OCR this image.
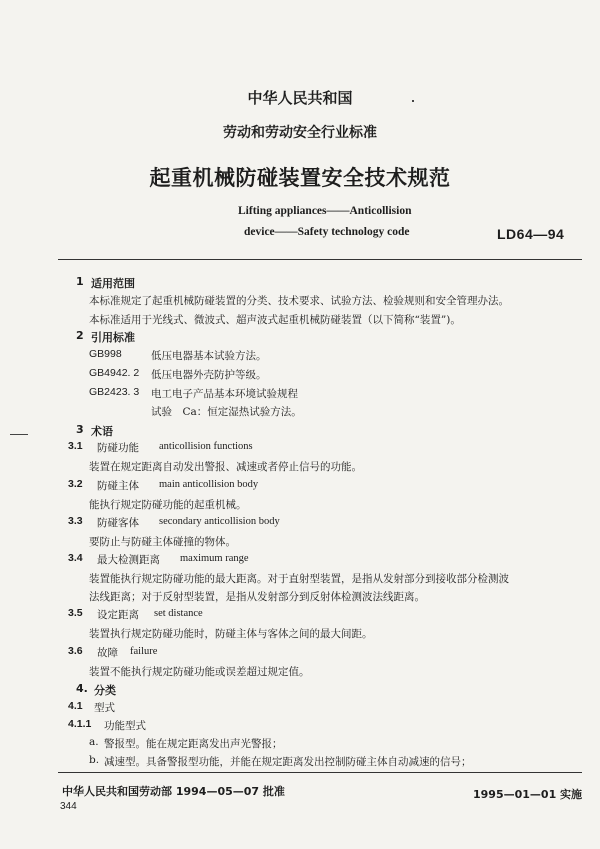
中华人民共和国
劳动和劳动安全行业标准
起重机械防碰装置安全技术规范
Lifting appliances——Anticollision
device——Safety technology code	LD64—94
1 适用范围
本标准规定了起重机械防碰装置的分类、技术要求、试验方法、检验规则和安全管理办法。
本标准适用于光线式、微波式、超声波式起重机械防碰装置（以下简称“装置”)。
2 引用标准
GB998	低压电器基本试验方法。
GB4942. 2 低压电器外壳防护等级。
GB2423. 3 电工电子产品基本环境试验规程
试验　Ca：恒定湿热试验方法。
3 术语
3.1 防碰功能 anticollision functions
装置在规定距离自动发出警报、减速或者停止信号的功能。
3.2 防碰主体 main anticollision body
能执行规定防碰功能的起重机械。
3.3 防碰客体 secondary anticollision body
要防止与防碰主体碰撞的物体。
3.4 最大检测距离 maximum range
装置能执行规定防碰功能的最大距离。对于直射型装置，是指从发射部分到接收部分检测波
法线距离；对于反射型装置，是指从发射部分到反射体检测波法线距离。
3.5 设定距离 set distance
装置执行规定防碰功能时，防碰主体与客体之间的最大间距。
3.6 故障 failure
装置不能执行规定防碰功能或误差超过规定值。
4. 分类
4.1 型式
4.1.1 功能型式
a. 警报型。能在规定距离发出声光警报；
b. 减速型。具备警报型功能，并能在规定距离发出控制防碰主体自动减速的信号；
中华人民共和国劳动部 1994—05—07 批准	1995—01—01 实施
344
